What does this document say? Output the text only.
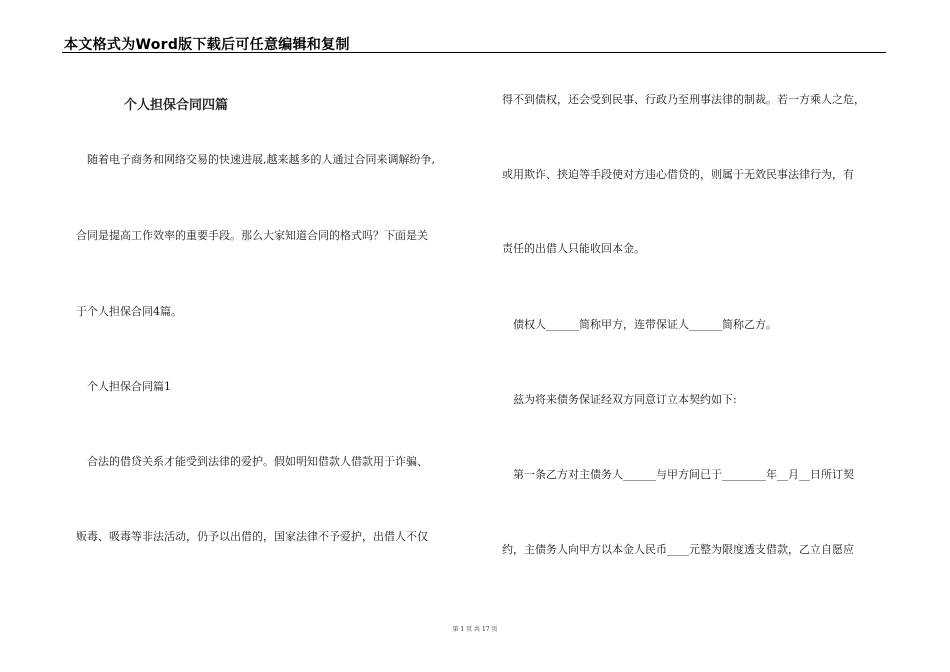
本文格式为Word版下载后可任意编辑和复制
个人担保合同四篇
　随着电子商务和网络交易的快速进展,越来越多的人通过合同来调解纷争,
合同是提高工作效率的重要手段。那么大家知道合同的格式吗？下面是关
于个人担保合同4篇。
　个人担保合同篇1
　合法的借贷关系才能受到法律的爱护。假如明知借款人借款用于诈骗、
贩毒、吸毒等非法活动，仍予以出借的，国家法律不予爱护，出借人不仅
得不到债权，还会受到民事、行政乃至刑事法律的制裁。若一方乘人之危，
或用欺诈、挟迫等手段使对方违心借贷的，则属于无效民事法律行为，有
责任的出借人只能收回本金。
　债权人______简称甲方，连带保证人______简称乙方。
　兹为将来债务保证经双方同意订立本契约如下:
　第一条乙方对主债务人______与甲方间已于________年__月__日所订契
约，主债务人向甲方以本金人民币____元整为限度透支借款，乙立自愿应
第 1 页 共 17 页
